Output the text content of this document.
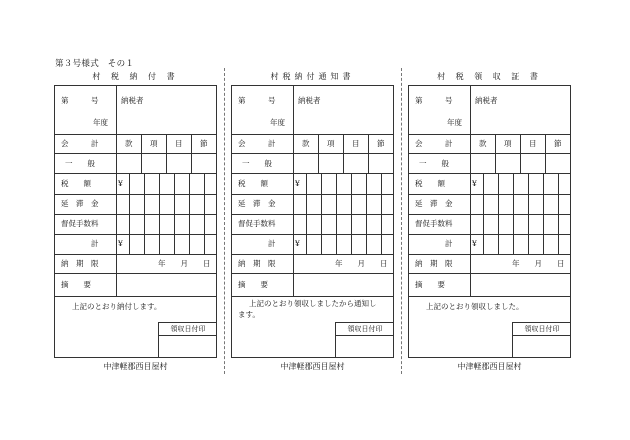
第３号様式　その１
村 税 納 付 書
第　　　号	納税者
年度
会　　　計	款 項 目 節
一　　般
税　　額	¥
延　滞　金
督促手数料
計	¥
納　期　限	年　　月　　日
摘　　要
上記のとおり納付します。
領収日付印
中津軽郡西目屋村
村税納付通知書
第　　　号	納税者
年度
会　　　計	款 項 目 節
一　　般
税　　額	¥
延　滞　金
督促手数料
計	¥
納　期　限	年　　月　　日
摘　　要
上記のとおり領収しましたから通知し
ます。
領収日付印
中津軽郡西目屋村
村 税 領 収 証 書
第　　　号	納税者
年度
会　　　計	款 項 目 節
一　　般
税　　額	¥
延　滞　金
督促手数料
計	¥
納　期　限	年　　月　　日
摘　　要
上記のとおり領収しました。
領収日付印
中津軽郡西目屋村
